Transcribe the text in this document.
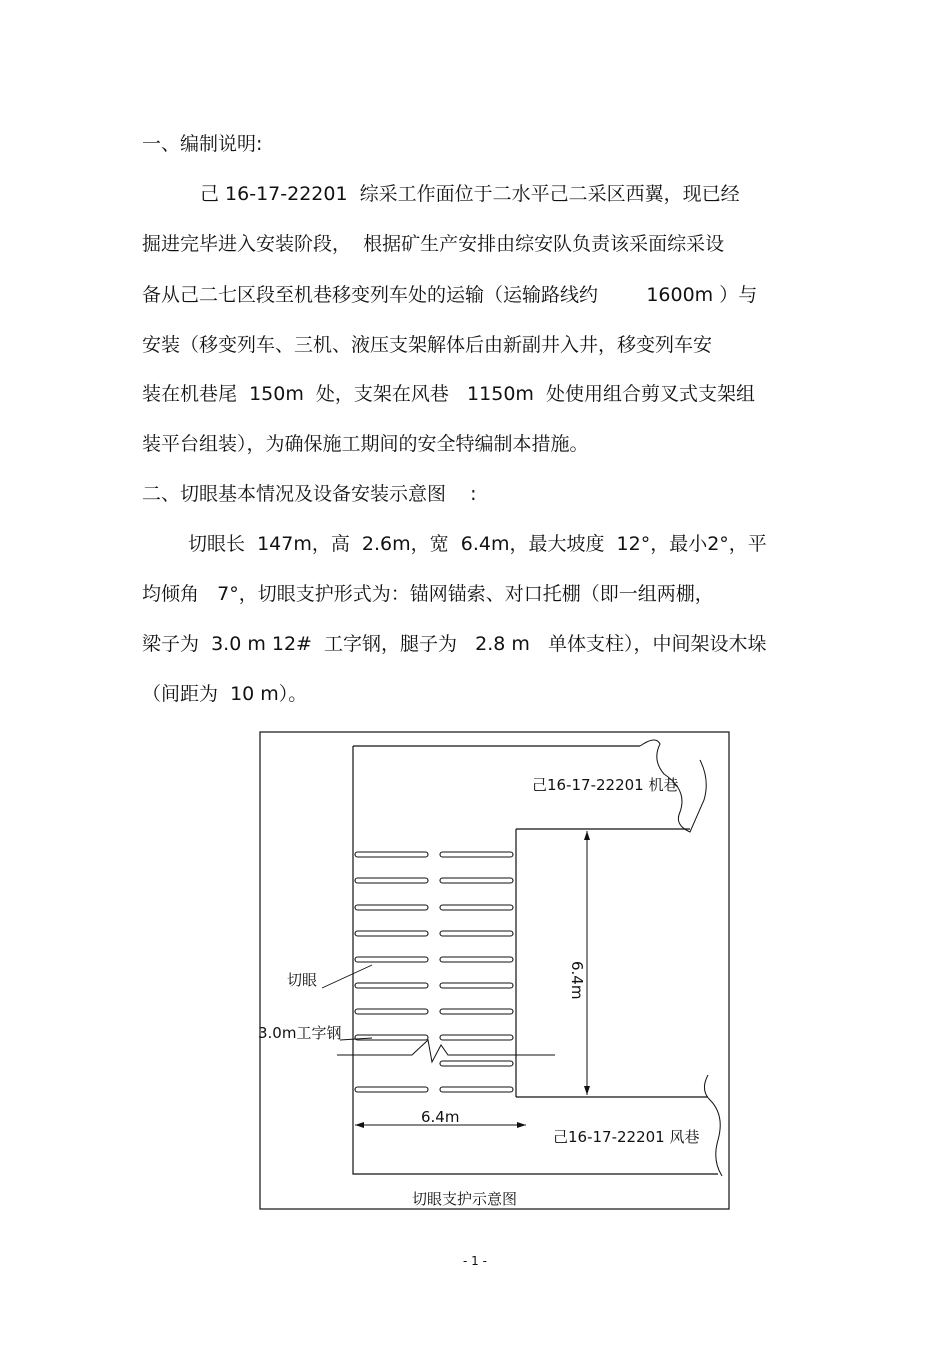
一、编制说明:
己 16-17-22201  综采工作面位于二水平己二采区西翼，现已经
掘进完毕进入安装阶段，  根据矿生产安排由综安队负责该采面综采设
备从己二七区段至机巷移变列车处的运输（运输路线约        1600m ）与
安装（移变列车、三机、液压支架解体后由新副井入井，移变列车安
装在机巷尾  150m  处，支架在风巷   1150m  处使用组合剪叉式支架组
装平台组装），为确保施工期间的安全特编制本措施。
二、切眼基本情况及设备安装示意图    :
切眼长  147m，高  2.6m，宽  6.4m，最大坡度  12°，最小2°，平
均倾角   7°，切眼支护形式为：锚网锚索、对口托棚（即一组两棚，
梁子为  3.0 m 12#  工字钢，腿子为   2.8 m   单体支柱），中间架设木垛
（间距为  10 m）。
己16-17-22201 机巷
己16-17-22201 风巷
切眼
3.0m工字钢
6.4m
6.4m
切眼支护示意图
- 1 -
